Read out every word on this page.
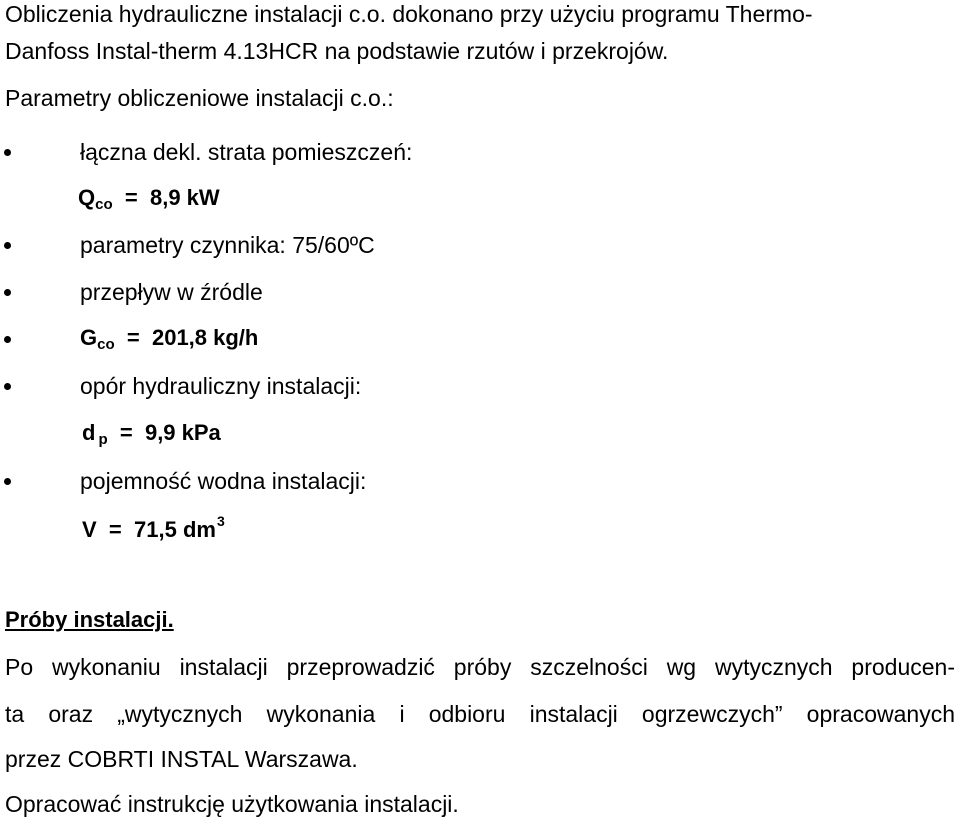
Obliczenia hydrauliczne instalacji c.o. dokonano przy użyciu programu Thermo-
Danfoss Instal-therm 4.13HCR na podstawie rzutów i przekrojów.
Parametry obliczeniowe instalacji c.o.:
łączna dekl. strata pomieszczeń:
Qco = 8,9 kW
parametry czynnika: 75/60ºC
przepływ w źródle
Gco = 201,8 kg/h
opór hydrauliczny instalacji:
d p = 9,9 kPa
pojemność wodna instalacji:
V = 71,5 $dm^3$
Próby instalacji.
Po wykonaniu instalacji przeprowadzić próby szczelności wg wytycznych producen-
ta oraz „wytycznych wykonania i odbioru instalacji ogrzewczych” opracowanych
przez COBRTI INSTAL Warszawa.
Opracować instrukcję użytkowania instalacji.
